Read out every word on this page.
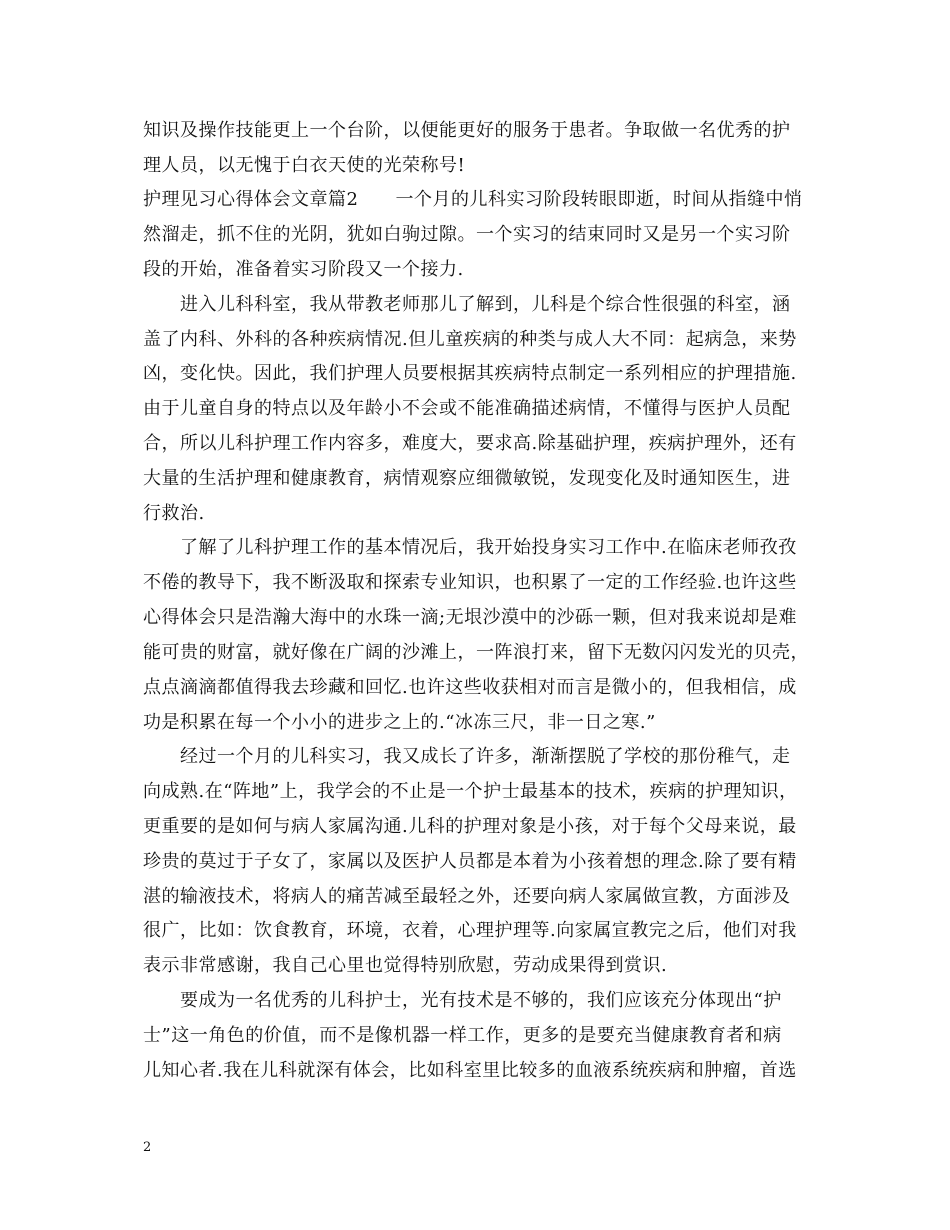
知识及操作技能更上一个台阶，以便能更好的服务于患者。争取做一名优秀的护
理人员，以无愧于白衣天使的光荣称号!
护理见习心得体会文章篇2　　一个月的儿科实习阶段转眼即逝，时间从指缝中悄
然溜走，抓不住的光阴，犹如白驹过隙。一个实习的结束同时又是另一个实习阶
段的开始，准备着实习阶段又一个接力.
　　进入儿科科室，我从带教老师那儿了解到，儿科是个综合性很强的科室，涵
盖了内科、外科的各种疾病情况.但儿童疾病的种类与成人大不同：起病急，来势
凶，变化快。因此，我们护理人员要根据其疾病特点制定一系列相应的护理措施.
由于儿童自身的特点以及年龄小不会或不能准确描述病情，不懂得与医护人员配
合，所以儿科护理工作内容多，难度大，要求高.除基础护理，疾病护理外，还有
大量的生活护理和健康教育，病情观察应细微敏锐，发现变化及时通知医生，进
行救治.
　　了解了儿科护理工作的基本情况后，我开始投身实习工作中.在临床老师孜孜
不倦的教导下，我不断汲取和探索专业知识，也积累了一定的工作经验.也许这些
心得体会只是浩瀚大海中的水珠一滴;无垠沙漠中的沙砾一颗，但对我来说却是难
能可贵的财富，就好像在广阔的沙滩上，一阵浪打来，留下无数闪闪发光的贝壳，
点点滴滴都值得我去珍藏和回忆.也许这些收获相对而言是微小的，但我相信，成
功是积累在每一个小小的进步之上的.“冰冻三尺，非一日之寒.”
　　经过一个月的儿科实习，我又成长了许多，渐渐摆脱了学校的那份稚气，走
向成熟.在“阵地”上，我学会的不止是一个护士最基本的技术，疾病的护理知识，
更重要的是如何与病人家属沟通.儿科的护理对象是小孩，对于每个父母来说，最
珍贵的莫过于子女了，家属以及医护人员都是本着为小孩着想的理念.除了要有精
湛的输液技术，将病人的痛苦减至最轻之外，还要向病人家属做宣教，方面涉及
很广，比如：饮食教育，环境，衣着，心理护理等.向家属宣教完之后，他们对我
表示非常感谢，我自己心里也觉得特别欣慰，劳动成果得到赏识.
　　要成为一名优秀的儿科护士，光有技术是不够的，我们应该充分体现出“护
士”这一角色的价值，而不是像机器一样工作，更多的是要充当健康教育者和病
儿知心者.我在儿科就深有体会，比如科室里比较多的血液系统疾病和肿瘤，首选
2
